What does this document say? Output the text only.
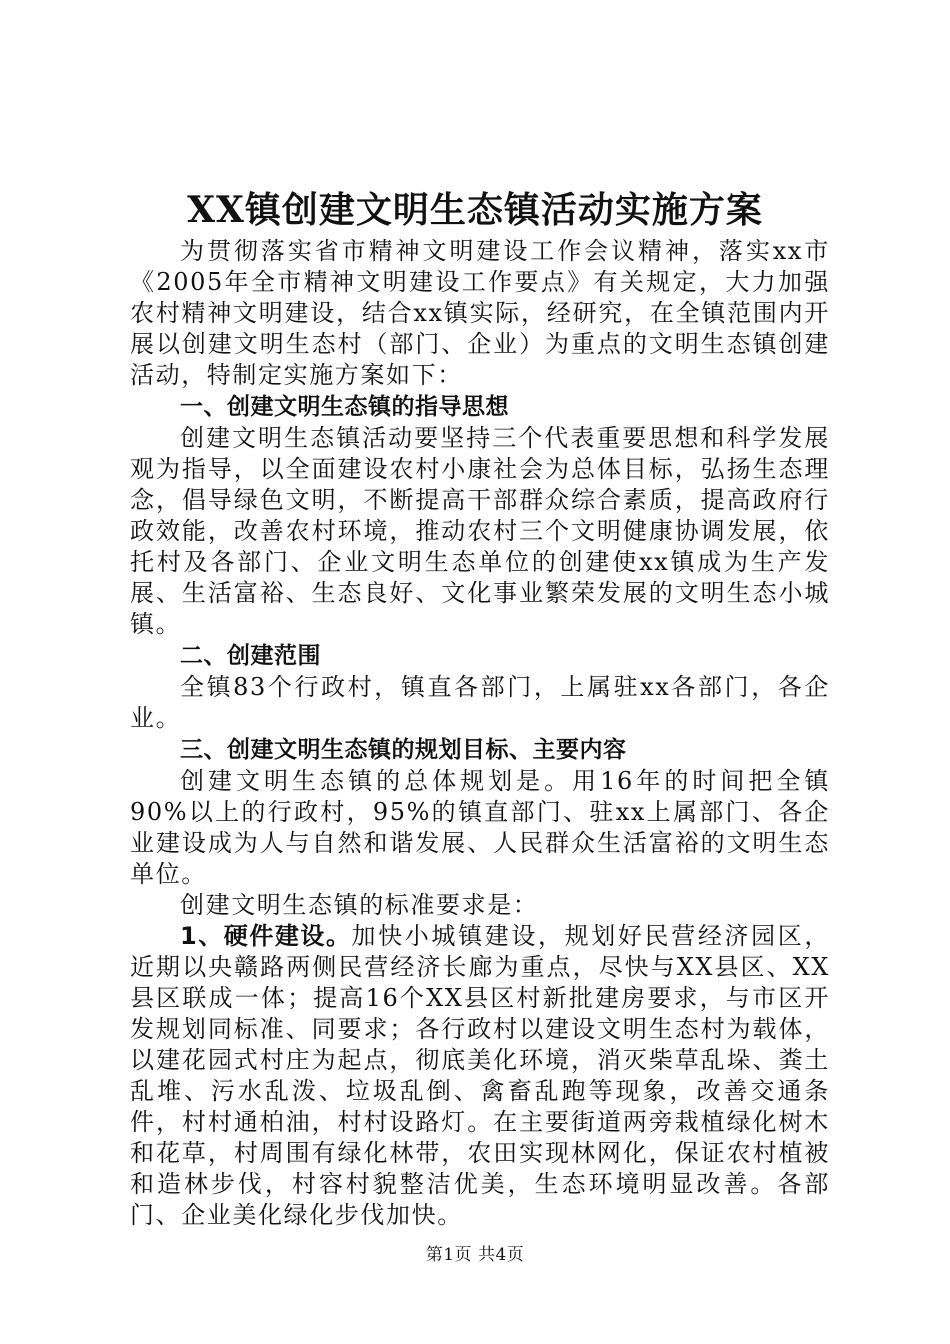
XX镇创建文明生态镇活动实施方案

为贯彻落实省市精神文明建设工作会议精神，落实xx市《2005年全市精神文明建设工作要点》有关规定，大力加强农村精神文明建设，结合xx镇实际，经研究，在全镇范围内开展以创建文明生态村（部门、企业）为重点的文明生态镇创建活动，特制定实施方案如下：

一、创建文明生态镇的指导思想

创建文明生态镇活动要坚持三个代表重要思想和科学发展观为指导，以全面建设农村小康社会为总体目标，弘扬生态理念，倡导绿色文明，不断提高干部群众综合素质，提高政府行政效能，改善农村环境，推动农村三个文明健康协调发展，依托村及各部门、企业文明生态单位的创建使xx镇成为生产发展、生活富裕、生态良好、文化事业繁荣发展的文明生态小城镇。

二、创建范围

全镇83个行政村，镇直各部门，上属驻xx各部门，各企业。

三、创建文明生态镇的规划目标、主要内容

创建文明生态镇的总体规划是。用16年的时间把全镇90%以上的行政村，95%的镇直部门、驻xx上属部门、各企业建设成为人与自然和谐发展、人民群众生活富裕的文明生态单位。

创建文明生态镇的标准要求是：

1、硬件建设。加快小城镇建设，规划好民营经济园区，近期以央赣路两侧民营经济长廊为重点，尽快与XX县区、XX县区联成一体；提高16个XX县区村新批建房要求，与市区开发规划同标准、同要求；各行政村以建设文明生态村为载体，以建花园式村庄为起点，彻底美化环境，消灭柴草乱垛、粪土乱堆、污水乱泼、垃圾乱倒、禽畜乱跑等现象，改善交通条件，村村通柏油，村村设路灯。在主要街道两旁栽植绿化树木和花草，村周围有绿化林带，农田实现林网化，保证农村植被和造林步伐，村容村貌整洁优美，生态环境明显改善。各部门、企业美化绿化步伐加快。

第1页 共4页
